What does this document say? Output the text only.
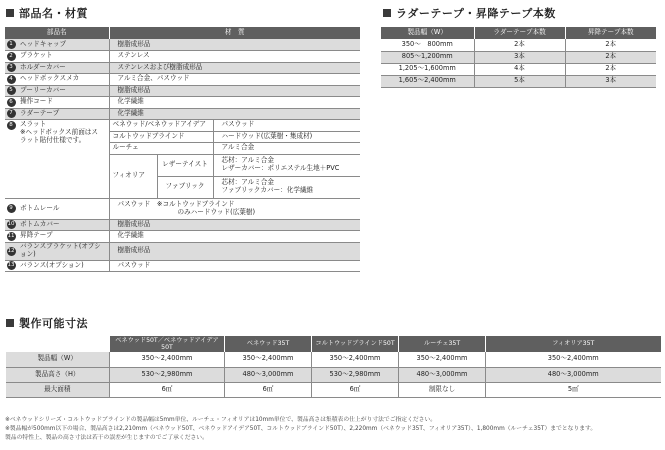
部品名・材質
部品名		材　質		
1	ヘッドキャップ	樹脂成形品		
2	ブラケット	ステンレス		
3	ホルダーカバー	ステンレスおよび樹脂成形品		
4	ヘッドボックスメカ	アルミ合金、パスウッド		
5	プーリーカバー	樹脂成形品		
6	操作コード	化学繊維		
7	ラダーテープ	化学繊維		
8	スラット
※ヘッドボックス前面はスラット貼付仕様です。	ベネウッド/ベネウッドアイデア		パスウッド
		コルトウッドブラインド		ハードウッド(広葉樹・集成材)
		ルーチェ		アルミ合金
		フィオリア	レザーテイスト	芯材：アルミ合金
レザーカバー：ポリエステル生地＋PVC

			ファブリック	芯材：アルミ合金
ファブリックカバー：化学繊維

9	ボトムレール	パスウッド　※コルトウッドブラインド
のみハードウッド(広葉樹)		

10	ボトムカバー	樹脂成形品		
11	昇降テープ	化学繊維		
12	バランスブラケット(オプション)	樹脂成形品		
13	バランス(オプション)	パスウッド		
ラダーテープ・昇降テープ本数
製品幅（W）	ラダーテープ本数	昇降テープ本数
350～　800mm	2本	2本
805～1,200mm	3本	2本
1,205～1,600mm	4本	2本
1,605～2,400mm	5本	3本
製作可能寸法
	ベネウッド50T／ベネウッドアイデア50T	ベネウッド35T	コルトウッドブラインド50T	ルーチェ35T	フィオリア35T
製品幅（W）	350～2,400mm	350～2,400mm	350～2,400mm	350～2,400mm	350～2,400mm
製品高さ（H）	530～2,980mm	480～3,000mm	530～2,980mm	480～3,000mm	480～3,000mm
最大面積	6㎡	6㎡	6㎡	制限なし	5㎡
※ベネウッドシリーズ・コルトウッドブラインドの製品幅は5mm単位、ルーチェ・フィオリアは10mm単位で、製品高さは集積表の仕上がり寸法でご指定ください。
※製品幅が500mm以下の場合、製品高さは2,210mm（ベネウッド50T、ベネウッドアイデア50T、コルトウッドブラインド50T）、2,220mm（ベネウッド35T、フィオリア35T）、1,800mm（ルーチェ35T）までとなります。
製品の特性上、製品の高さ寸法は若干の誤差が生じますのでご了承ください。
